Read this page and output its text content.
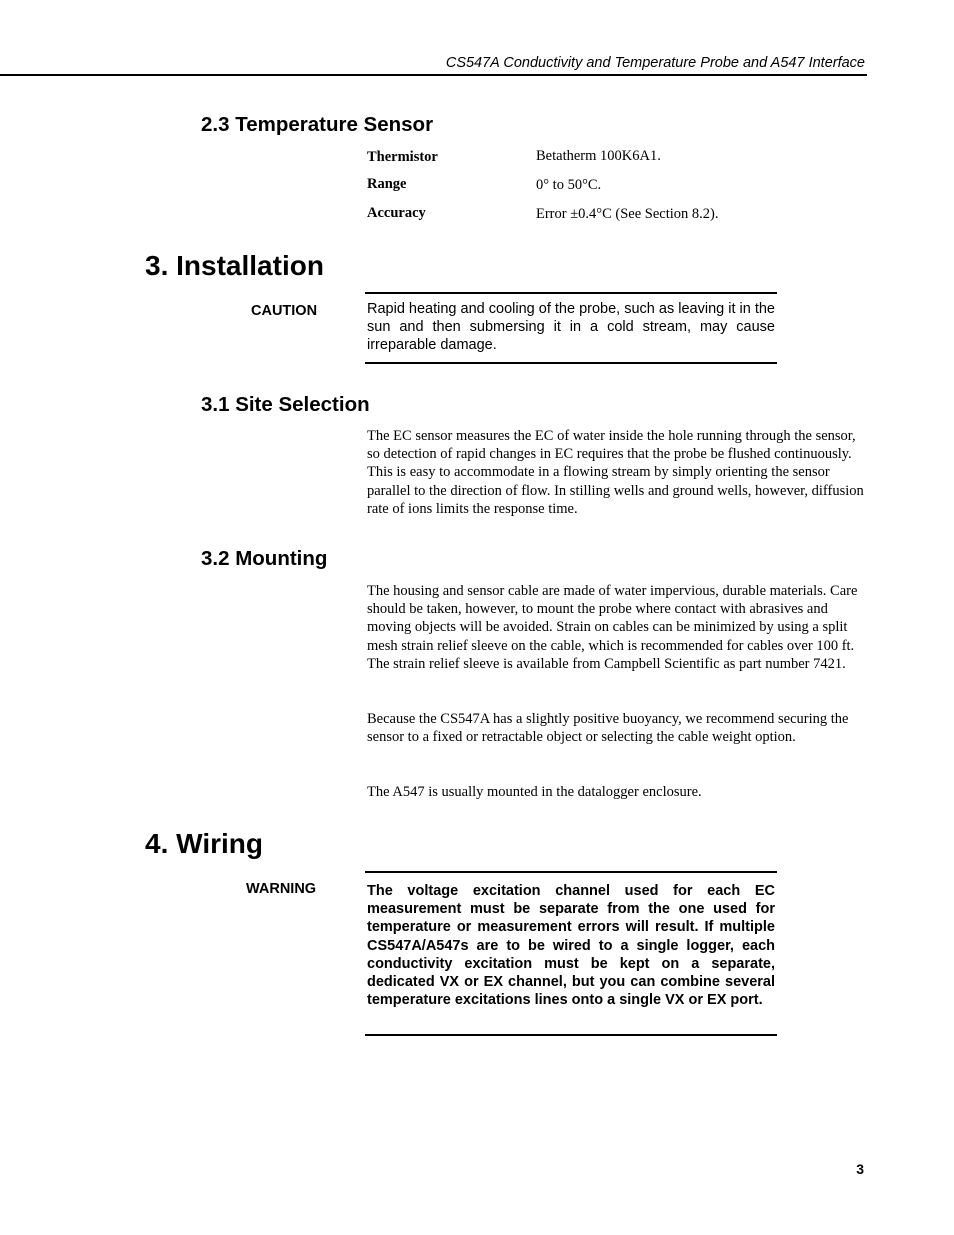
CS547A Conductivity and Temperature Probe and A547 Interface
2.3 Temperature Sensor
Thermistor	Betatherm 100K6A1.
Range	0° to 50°C.
Accuracy	Error ±0.4°C (See Section 8.2).
3. Installation
CAUTION	Rapid heating and cooling of the probe, such as leaving it in the sun and then submersing it in a cold stream, may cause irreparable damage.

3.1 Site Selection

The EC sensor measures the EC of water inside the hole running through the sensor, so detection of rapid changes in EC requires that the probe be flushed continuously. This is easy to accommodate in a flowing stream by simply orienting the sensor parallel to the direction of flow. In stilling wells and ground wells, however, diffusion rate of ions limits the response time.

3.2 Mounting

The housing and sensor cable are made of water impervious, durable materials. Care should be taken, however, to mount the probe where contact with abrasives and moving objects will be avoided. Strain on cables can be minimized by using a split mesh strain relief sleeve on the cable, which is recommended for cables over 100 ft. The strain relief sleeve is available from Campbell Scientific as part number 7421.

Because the CS547A has a slightly positive buoyancy, we recommend securing the sensor to a fixed or retractable object or selecting the cable weight option.

The A547 is usually mounted in the datalogger enclosure.

4. Wiring
WARNING	The voltage excitation channel used for each EC measurement must be separate from the one used for temperature or measurement errors will result. If multiple CS547A/A547s are to be wired to a single logger, each conductivity excitation must be kept on a separate, dedicated VX or EX channel, but you can combine several temperature excitations lines onto a single VX or EX port.

3
